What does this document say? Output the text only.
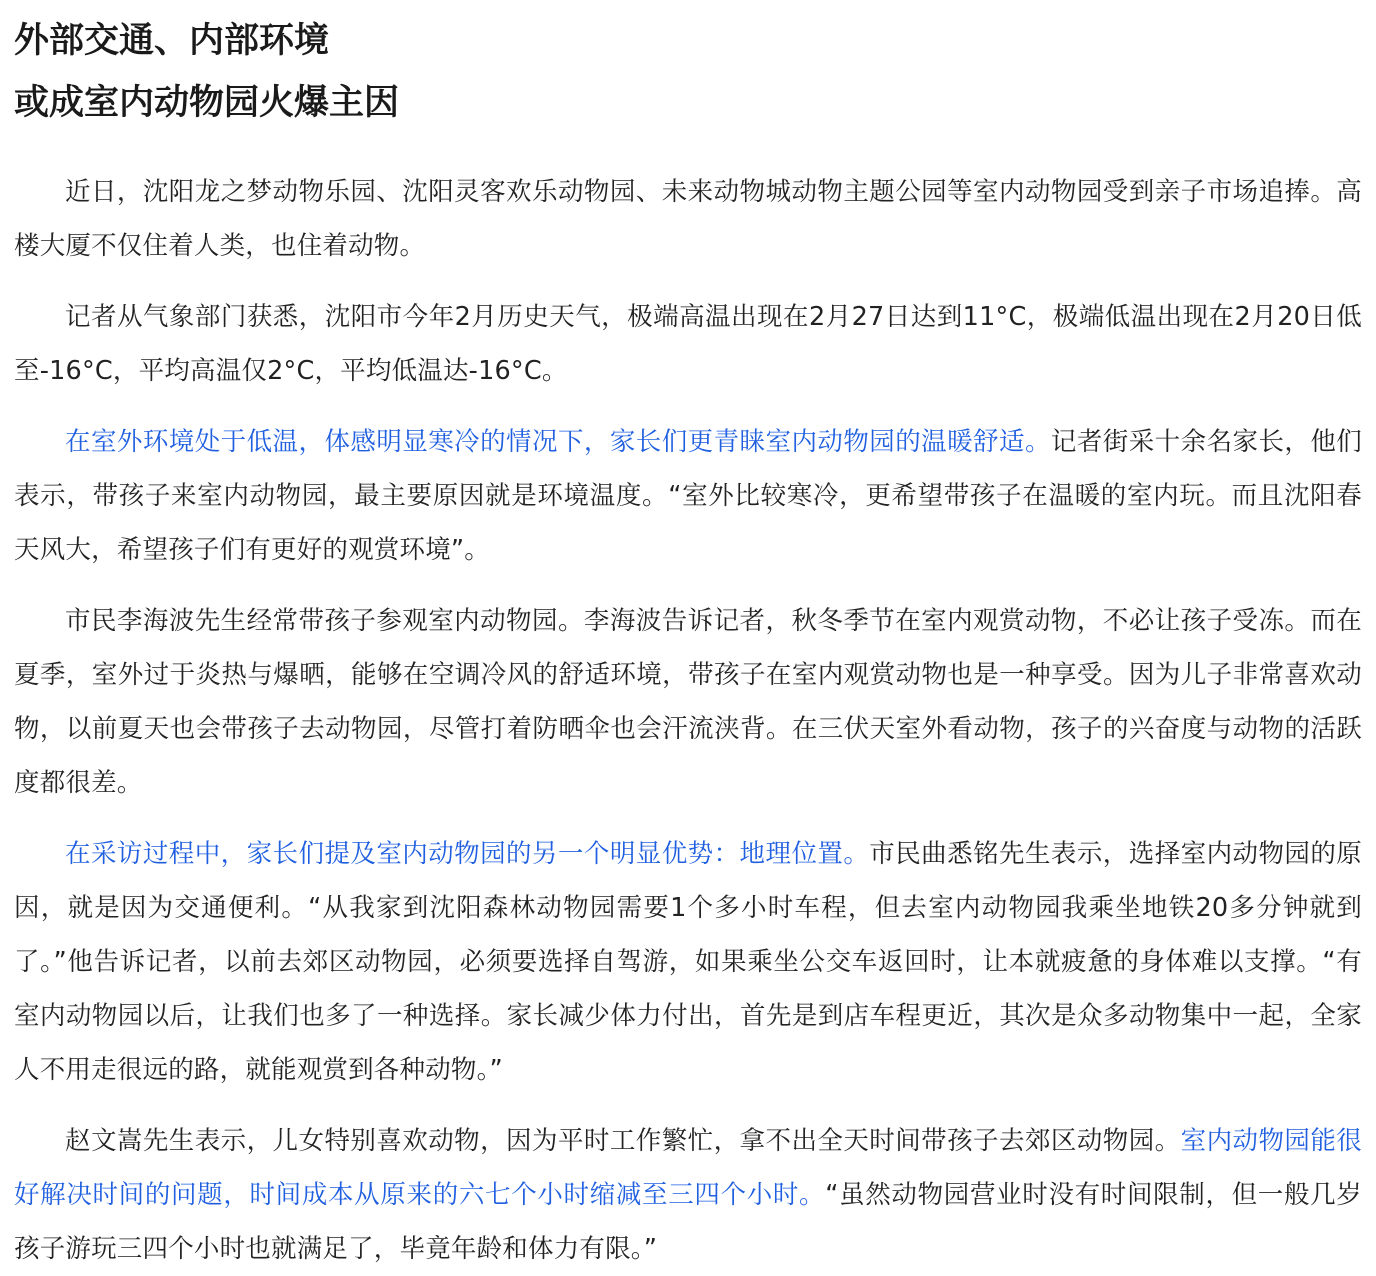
外部交通、内部环境
或成室内动物园火爆主因

近日，沈阳龙之梦动物乐园、沈阳灵客欢乐动物园、未来动物城动物主题公园等室内动物园受到亲子市场追捧。高楼大厦不仅住着人类，也住着动物。

记者从气象部门获悉，沈阳市今年2月历史天气，极端高温出现在2月27日达到11°C，极端低温出现在2月20日低至-16°C，平均高温仅2°C，平均低温达-16°C。

在室外环境处于低温，体感明显寒冷的情况下，家长们更青睐室内动物园的温暖舒适。记者街采十余名家长，他们表示，带孩子来室内动物园，最主要原因就是环境温度。“室外比较寒冷，更希望带孩子在温暖的室内玩。而且沈阳春天风大，希望孩子们有更好的观赏环境”。

市民李海波先生经常带孩子参观室内动物园。李海波告诉记者，秋冬季节在室内观赏动物，不必让孩子受冻。而在夏季，室外过于炎热与爆晒，能够在空调冷风的舒适环境，带孩子在室内观赏动物也是一种享受。因为儿子非常喜欢动物，以前夏天也会带孩子去动物园，尽管打着防晒伞也会汗流浃背。在三伏天室外看动物，孩子的兴奋度与动物的活跃度都很差。

在采访过程中，家长们提及室内动物园的另一个明显优势：地理位置。市民曲悉铭先生表示，选择室内动物园的原因，就是因为交通便利。“从我家到沈阳森林动物园需要1个多小时车程，但去室内动物园我乘坐地铁20多分钟就到了。”他告诉记者，以前去郊区动物园，必须要选择自驾游，如果乘坐公交车返回时，让本就疲惫的身体难以支撑。“有室内动物园以后，让我们也多了一种选择。家长减少体力付出，首先是到店车程更近，其次是众多动物集中一起，全家人不用走很远的路，就能观赏到各种动物。”

赵文嵩先生表示，儿女特别喜欢动物，因为平时工作繁忙，拿不出全天时间带孩子去郊区动物园。室内动物园能很好解决时间的问题，时间成本从原来的六七个小时缩减至三四个小时。“虽然动物园营业时没有时间限制，但一般几岁孩子游玩三四个小时也就满足了，毕竟年龄和体力有限。”
